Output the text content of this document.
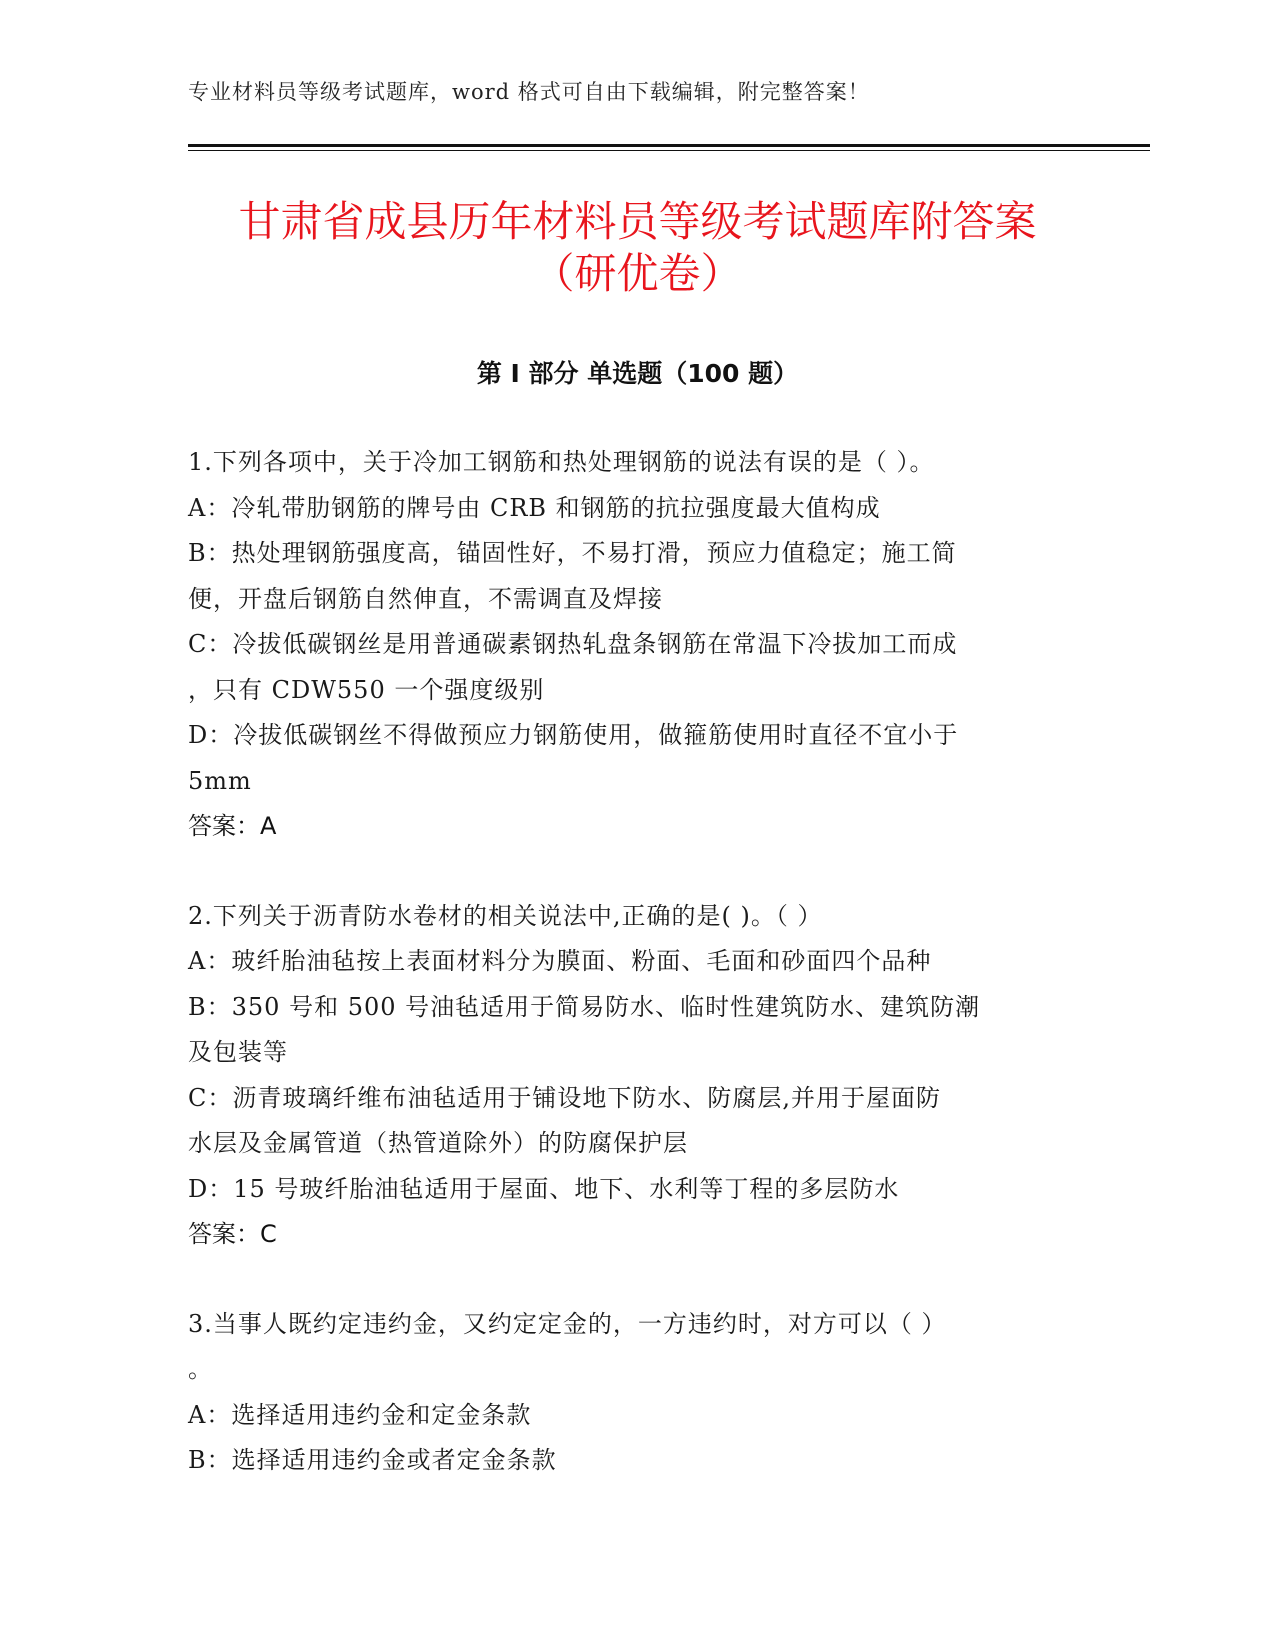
专业材料员等级考试题库，word 格式可自由下载编辑，附完整答案！
甘肃省成县历年材料员等级考试题库附答案
（研优卷）
第 I 部分 单选题（100 题）
1.下列各项中，关于冷加工钢筋和热处理钢筋的说法有误的是（ ）。
A：冷轧带肋钢筋的牌号由 CRB 和钢筋的抗拉强度最大值构成
B：热处理钢筋强度高，锚固性好，不易打滑，预应力值稳定；施工简
便，开盘后钢筋自然伸直，不需调直及焊接
C：冷拔低碳钢丝是用普通碳素钢热轧盘条钢筋在常温下冷拔加工而成
，只有 CDW550 一个强度级别
D：冷拔低碳钢丝不得做预应力钢筋使用，做箍筋使用时直径不宜小于
5mm
答案：A
2.下列关于沥青防水卷材的相关说法中,正确的是( )。（ ）
A：玻纤胎油毡按上表面材料分为膜面、粉面、毛面和砂面四个品种
B：350 号和 500 号油毡适用于简易防水、临时性建筑防水、建筑防潮
及包装等
C：沥青玻璃纤维布油毡适用于铺设地下防水、防腐层,并用于屋面防
水层及金属管道（热管道除外）的防腐保护层
D：15 号玻纤胎油毡适用于屋面、地下、水利等丁程的多层防水
答案：C
3.当事人既约定违约金，又约定定金的，一方违约时，对方可以（ ）
。
A：选择适用违约金和定金条款
B：选择适用违约金或者定金条款
